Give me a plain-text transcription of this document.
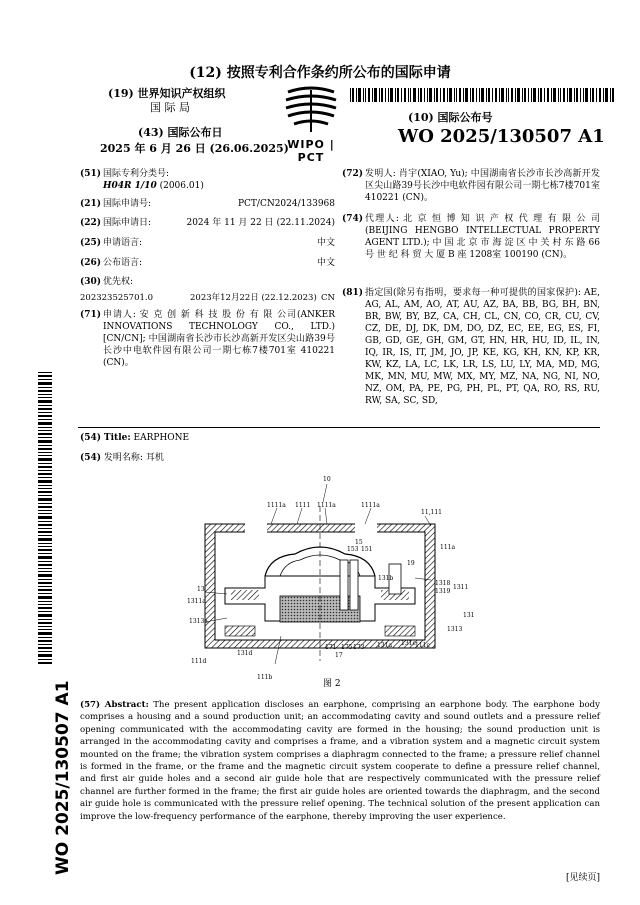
(12) 按照专利合作条约所公布的国际申请
(19) 世界知识产权组织
国 际 局
(43) 国际公布日
2025 年 6 月 26 日 (26.06.2025)
WIPO | PCT
(10) 国际公布号
WO 2025/130507 A1
(51) 国际专利分类号:
H04R 1/10 (2006.01)
(21) 国际申请号:	PCT/CN2024/133968
(22) 国际申请日:	2024 年 11 月 22 日 (22.11.2024)
(25) 申请语言:	中文
(26) 公布语言:	中文
(30) 优先权:
202323525701.0	2023年12月22日 (22.12.2023) CN
(71) 申请人: 安 克 创 新 科 技 股 份 有 限 公司(ANKER INNOVATIONS TECHNOLOGY CO., LTD.) [CN/CN]; 中国湖南省长沙市长沙高新开发区尖山路39号长沙中电软件园有限公司一期七栋7楼701室 410221 (CN)。
(72) 发明人: 肖宇(XIAO, Yu); 中国湖南省长沙市长沙高新开发区尖山路39号长沙中电软件园有限公司一期七栋7楼701室 410221 (CN)。
(74) 代理人: 北 京 恒 博 知 识 产 权 代 理 有 限 公 司 (BEIJING HENGBO INTELLECTUAL PROPERTY AGENT LTD.); 中 国 北 京 市 海 淀 区 中 关 村 东 路 66 号 世 纪 科 贸 大 厦 B 座 1208室 100190 (CN)。
(81) 指定国(除另有指明，要求每一种可提供的国家保护): AE, AG, AL, AM, AO, AT, AU, AZ, BA, BB, BG, BH, BN, BR, BW, BY, BZ, CA, CH, CL, CN, CO, CR, CU, CV, CZ, DE, DJ, DK, DM, DO, DZ, EC, EE, EG, ES, FI, GB, GD, GE, GH, GM, GT, HN, HR, HU, ID, IL, IN, IQ, IR, IS, IT, JM, JO, JP, KE, KG, KH, KN, KP, KR, KW, KZ, LA, LC, LK, LR, LS, LU, LY, MA, MD, MG, MK, MN, MU, MW, MX, MY, MZ, NA, NG, NI, NO, NZ, OM, PA, PE, PG, PH, PL, PT, QA, RO, RS, RU, RW, SA, SC, SD,
(54) Title: EARPHONE
(54) 发明名称: 耳机
10
1111a 1111 1111a	1111a
11,111
15
153 151	111a
19
13
131b
1318
1319
1311
131
1311a
1313a
1313
111d
131d
171 175 173
17
131a 131c 111c
111b
图 2
(57) Abstract: The present application discloses an earphone, comprising an earphone body. The earphone body comprises a housing and a sound production unit; an accommodating cavity and sound outlets and a pressure relief opening communicated with the accommodating cavity are formed in the housing; the sound production unit is arranged in the accommodating cavity and comprises a frame, and a vibration system and a magnetic circuit system mounted on the frame; the vibration system comprises a diaphragm connected to the frame; a pressure relief channel is formed in the frame, or the frame and the magnetic circuit system cooperate to define a pressure relief channel, and first air guide holes and a second air guide hole that are respectively communicated with the pressure relief channel are further formed in the frame; the first air guide holes are oriented towards the diaphragm, and the second air guide hole is communicated with the pressure relief opening. The technical solution of the present application can improve the low-frequency performance of the earphone, thereby improving the user experience.
WO 2025/130507 A1
[见续页]
